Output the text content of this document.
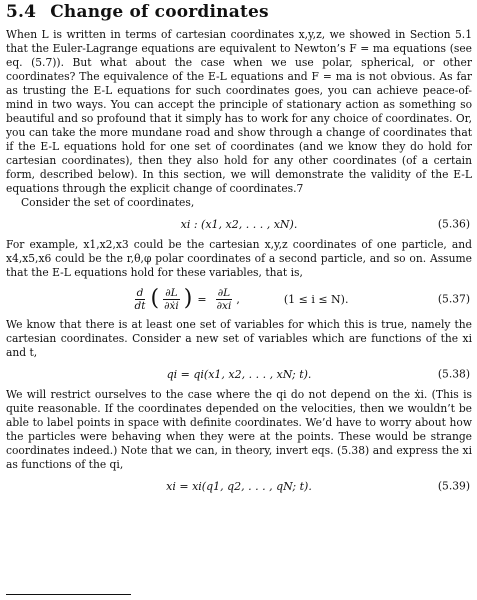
5.4 Change of coordinates

When L is written in terms of cartesian coordinates x,y,z, we showed in Section 5.1 that the Euler-Lagrange equations are equivalent to Newton’s F = ma equations (see eq. (5.7)). But what about the case when we use polar, spherical, or other coordinates? The equivalence of the E-L equations and F = ma is not obvious. As far as trusting the E-L equations for such coordinates goes, you can achieve peace-of-mind in two ways. You can accept the principle of stationary action as something so beautiful and so profound that it simply has to work for any choice of coordinates. Or, you can take the more mundane road and show through a change of coordinates that if the E-L equations hold for one set of coordinates (and we know they do hold for cartesian coordinates), then they also hold for any other coordinates (of a certain form, described below). In this section, we will demonstrate the validity of the E-L equations through the explicit change of coordinates.7

Consider the set of coordinates,

xi : (x1, x2, . . . , xN).	(5.36)

For example, x1,x2,x3 could be the cartesian x,y,z coordinates of one particle, and x4,x5,x6 could be the r,θ,φ polar coordinates of a second particle, and so on. Assume that the E-L equations hold for these variables, that is,

$\frac{d}{dt}$ ( $\frac{\partial L}{\text{∂ẋi}}$ ) = $\frac{\partial L}{\partial xi}$ ,	(1 ≤ i ≤ N).	(5.37)

We know that there is at least one set of variables for which this is true, namely the cartesian coordinates. Consider a new set of variables which are functions of the xi and t,

qi = qi(x1, x2, . . . , xN; t).	(5.38)

We will restrict ourselves to the case where the qi do not depend on the ẋi. (This is quite reasonable. If the coordinates depended on the velocities, then we wouldn’t be able to label points in space with definite coordinates. We’d have to worry about how the particles were behaving when they were at the points. These would be strange coordinates indeed.) Note that we can, in theory, invert eqs. (5.38) and express the xi as functions of the qi,

xi = xi(q1, q2, . . . , qN; t).	(5.39)
